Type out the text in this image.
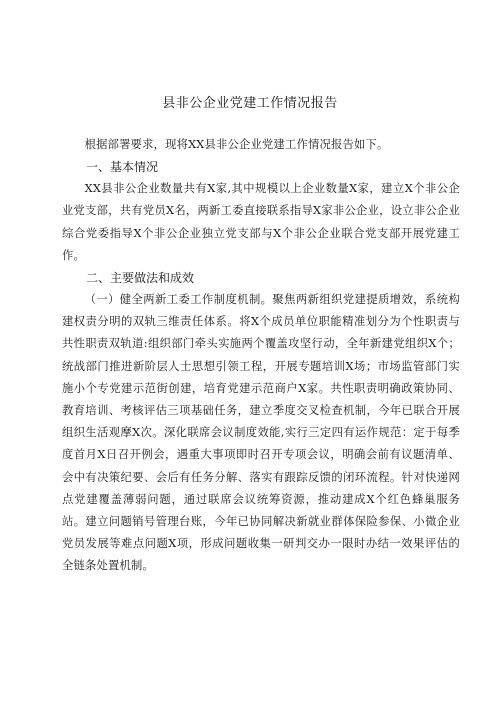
县非公企业党建工作情况报告

根据部署要求，现将XX县非公企业党建工作情况报告如下。

一、基本情况

XX县非公企业数量共有X家,其中规模以上企业数量X家，建立X个非公企业党支部，共有党员X名，两新工委直接联系指导X家非公企业，设立非公企业综合党委指导X个非公企业独立党支部与X个非公企业联合党支部开展党建工作。

二、主要做法和成效

（一）健全两新工委工作制度机制。聚焦两新组织党建提质增效，系统构建权责分明的双轨三维责任体系。将X个成员单位职能精准划分为个性职责与共性职责双轨道:组织部门牵头实施两个覆盖攻坚行动，全年新建党组织X个；统战部门推进新阶层人士思想引领工程，开展专题培训X场；市场监管部门实施小个专党建示范街创建，培育党建示范商户X家。共性职责明确政策协同、教育培训、考核评估三项基础任务，建立季度交叉检查机制，今年已联合开展组织生活观摩X次。深化联席会议制度效能,实行三定四有运作规范：定于每季度首月X日召开例会，遇重大事项即时召开专项会议，明确会前有议题清单、会中有决策纪要、会后有任务分解、落实有跟踪反馈的闭环流程。针对快递网点党建覆盖薄弱问题，通过联席会议统筹资源，推动建成X个红色蜂巢服务站。建立问题销号管理台账，今年已协同解决新就业群体保险参保、小微企业党员发展等难点问题X项，形成问题收集一研判交办一限时办结一效果评估的全链条处置机制。
